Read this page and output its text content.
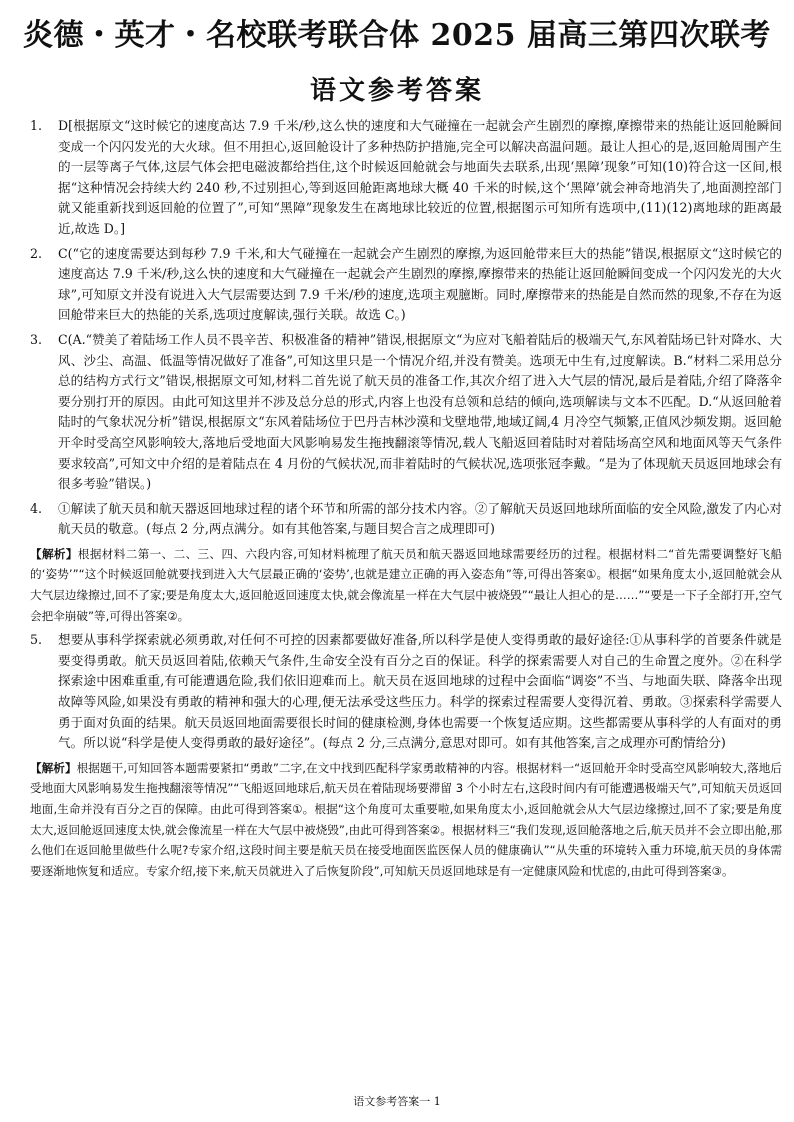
炎德・英才・名校联考联合体 2025 届高三第四次联考
语文参考答案
1. D[根据原文“这时候它的速度高达 7.9 千米/秒,这么快的速度和大气碰撞在一起就会产生剧烈的摩擦,摩擦带来的热能让返回舱瞬间变成一个闪闪发光的大火球。但不用担心,返回舱设计了多种热防护措施,完全可以解决高温问题。最让人担心的是,返回舱周围产生的一层等离子气体,这层气体会把电磁波都给挡住,这个时候返回舱就会与地面失去联系,出现‘黑障’现象”可知(10)符合这一区间,根据“这种情况会持续大约 240 秒,不过别担心,等到返回舱距离地球大概 40 千米的时候,这个‘黑障’就会神奇地消失了,地面测控部门就又能重新找到返回舱的位置了”,可知“黑障”现象发生在离地球比较近的位置,根据图示可知所有选项中,(11)(12)离地球的距离最近,故选 D。]
2. C(“它的速度需要达到每秒 7.9 千米,和大气碰撞在一起就会产生剧烈的摩擦,为返回舱带来巨大的热能”错误,根据原文“这时候它的速度高达 7.9 千米/秒,这么快的速度和大气碰撞在一起就会产生剧烈的摩擦,摩擦带来的热能让返回舱瞬间变成一个闪闪发光的大火球”,可知原文并没有说进入大气层需要达到 7.9 千米/秒的速度,选项主观臆断。同时,摩擦带来的热能是自然而然的现象,不存在为返回舱带来巨大的热能的关系,选项过度解读,强行关联。故选 C。)
3. C(A.“赞美了着陆场工作人员不畏辛苦、积极准备的精神”错误,根据原文“为应对飞船着陆后的极端天气,东风着陆场已针对降水、大风、沙尘、高温、低温等情况做好了准备”,可知这里只是一个情况介绍,并没有赞美。选项无中生有,过度解读。B.“材料二采用总分总的结构方式行文”错误,根据原文可知,材料二首先说了航天员的准备工作,其次介绍了进入大气层的情况,最后是着陆,介绍了降落伞要分别打开的原因。由此可知这里并不涉及总分总的形式,内容上也没有总领和总结的倾向,选项解读与文本不匹配。D.“从返回舱着陆时的气象状况分析”错误,根据原文“东风着陆场位于巴丹吉林沙漠和戈壁地带,地域辽阔,4 月冷空气频繁,正值风沙频发期。返回舱开伞时受高空风影响较大,落地后受地面大风影响易发生拖拽翻滚等情况,载人飞船返回着陆时对着陆场高空风和地面风等天气条件要求较高”,可知文中介绍的是着陆点在 4 月份的气候状况,而非着陆时的气候状况,选项张冠李戴。“是为了体现航天员返回地球会有很多考验”错误。)
4. ①解读了航天员和航天器返回地球过程的诸个环节和所需的部分技术内容。②了解航天员返回地球所面临的安全风险,激发了内心对航天员的敬意。(每点 2 分,两点满分。如有其他答案,与题目契合言之成理即可)
【解析】根据材料二第一、二、三、四、六段内容,可知材料梳理了航天员和航天器返回地球需要经历的过程。根据材料二“首先需要调整好飞船的‘姿势’”“这个时候返回舱就要找到进入大气层最正确的‘姿势’,也就是建立正确的再入姿态角”等,可得出答案①。根据“如果角度太小,返回舱就会从大气层边缘擦过,回不了家;要是角度太大,返回舱返回速度太快,就会像流星一样在大气层中被烧毁”“最让人担心的是……”“要是一下子全部打开,空气会把伞崩破”等,可得出答案②。
5. 想要从事科学探索就必须勇敢,对任何不可控的因素都要做好准备,所以科学是使人变得勇敢的最好途径:①从事科学的首要条件就是要变得勇敢。航天员返回着陆,依赖天气条件,生命安全没有百分之百的保证。科学的探索需要人对自己的生命置之度外。②在科学探索途中困难重重,有可能遭遇危险,我们依旧迎难而上。航天员在返回地球的过程中会面临“调姿”不当、与地面失联、降落伞出现故障等风险,如果没有勇敢的精神和强大的心理,便无法承受这些压力。科学的探索过程需要人变得沉着、勇敢。③探索科学需要人勇于面对负面的结果。航天员返回地面需要很长时间的健康检测,身体也需要一个恢复适应期。这些都需要从事科学的人有面对的勇气。所以说“科学是使人变得勇敢的最好途径”。(每点 2 分,三点满分,意思对即可。如有其他答案,言之成理亦可酌情给分)
【解析】根据题干,可知回答本题需要紧扣“勇敢”二字,在文中找到匹配科学家勇敢精神的内容。根据材料一“返回舱开伞时受高空风影响较大,落地后受地面大风影响易发生拖拽翻滚等情况”“飞船返回地球后,航天员在着陆现场要滞留 3 个小时左右,这段时间内有可能遭遇极端天气”,可知航天员返回地面,生命并没有百分之百的保障。由此可得到答案①。根据“这个角度可太重要啦,如果角度太小,返回舱就会从大气层边缘擦过,回不了家;要是角度太大,返回舱返回速度太快,就会像流星一样在大气层中被烧毁”,由此可得到答案②。根据材料三“我们发现,返回舱落地之后,航天员并不会立即出舱,那么他们在返回舱里做些什么呢?专家介绍,这段时间主要是航天员在接受地面医监医保人员的健康确认”“从失重的环境转入重力环境,航天员的身体需要逐渐地恢复和适应。专家介绍,接下来,航天员就进入了后恢复阶段”,可知航天员返回地球是有一定健康风险和忧虑的,由此可得到答案③。
语文参考答案一 1
